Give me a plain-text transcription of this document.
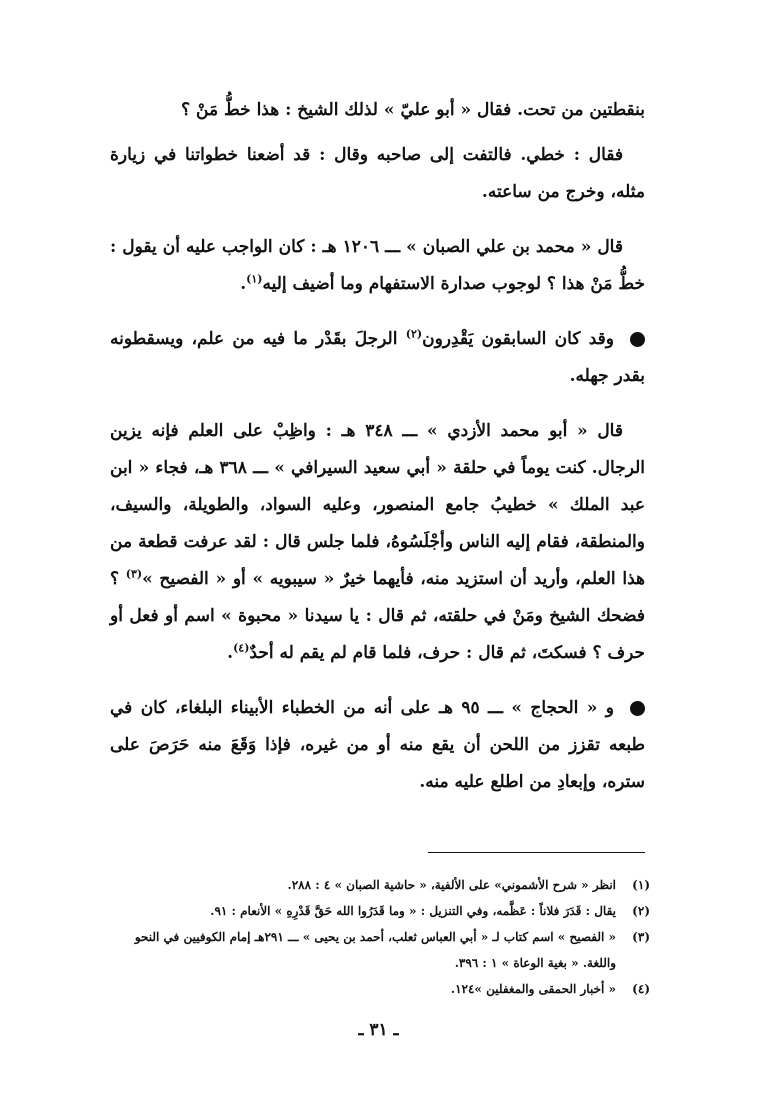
بنقطتين من تحت. فقال « أبو عليّ » لذلك الشيخ : هذا خطُّ مَنْ ؟

فقال : خطي. فالتفت إلى صاحبه وقال : قد أضعنا خطواتنا في زيارة مثله، وخرج من ساعته.

قال « محمد بن علي الصبان » ـــ ١٢٠٦ هـ : كان الواجب عليه أن يقول : خطُّ مَنْ هذا ؟ لوجوب صدارة الاستفهام وما أضيف إليه$^{(١)}$.

وقد كان السابقون يَقْدِرون$^{(٢)}$ الرجلَ بقَدْر ما فيه من علم، ويسقطونه بقدر جهله.

قال « أبو محمد الأزدي » ـــ ٣٤٨ هـ : واظِبْ على العلم فإنه يزين الرجال. كنت يوماً في حلقة « أبي سعيد السيرافي » ـــ ٣٦٨ هـ، فجاء « ابن عبد الملك » خطيبُ جامع المنصور، وعليه السواد، والطويلة، والسيف، والمنطقة، فقام إليه الناس وأجْلَسُوهُ، فلما جلس قال : لقد عرفت قطعة من هذا العلم، وأريد أن استزيد منه، فأيهما خيرٌ « سيبويه » أو « الفصيح »$^{(٣)}$ ؟ فضحك الشيخ ومَنْ في حلقته، ثم قال : يا سيدنا « محبوة » اسم أو فعل أو حرف ؟ فسكتَ، ثم قال : حرف، فلما قام لم يقم له أحدٌ$^{(٤)}$.

و « الحجاج » ـــ ٩٥ هـ على أنه من الخطباء الأبيناء البلغاء، كان في طبعه تقزز من اللحن أن يقع منه أو من غيره، فإذا وَقَعَ منه حَرَصَ على ستره، وإبعادِ من اطلع عليه منه.

(١)
انظر « شرح الأشموني» على الألفية، « حاشية الصبان » ٤ : ٢٨٨.
(٢)
يقال : قَدَرَ فلاناً : عَظَّمه، وفي التنزيل : « وما قَدَرُوا الله حَقَّ قَدْرِهِ » الأنعام : ٩١.
(٣)
« الفصيح » اسم كتاب لـ « أبي العباس ثعلب، أحمد بن يحيى » ـــ ٢٩١هـ إمام الكوفيين في النحو
واللغة. « بغية الوعاة » ١ : ٣٩٦.
(٤)
« أخبار الحمقى والمغفلين »١٢٤.
ـ ٣١ ـ
